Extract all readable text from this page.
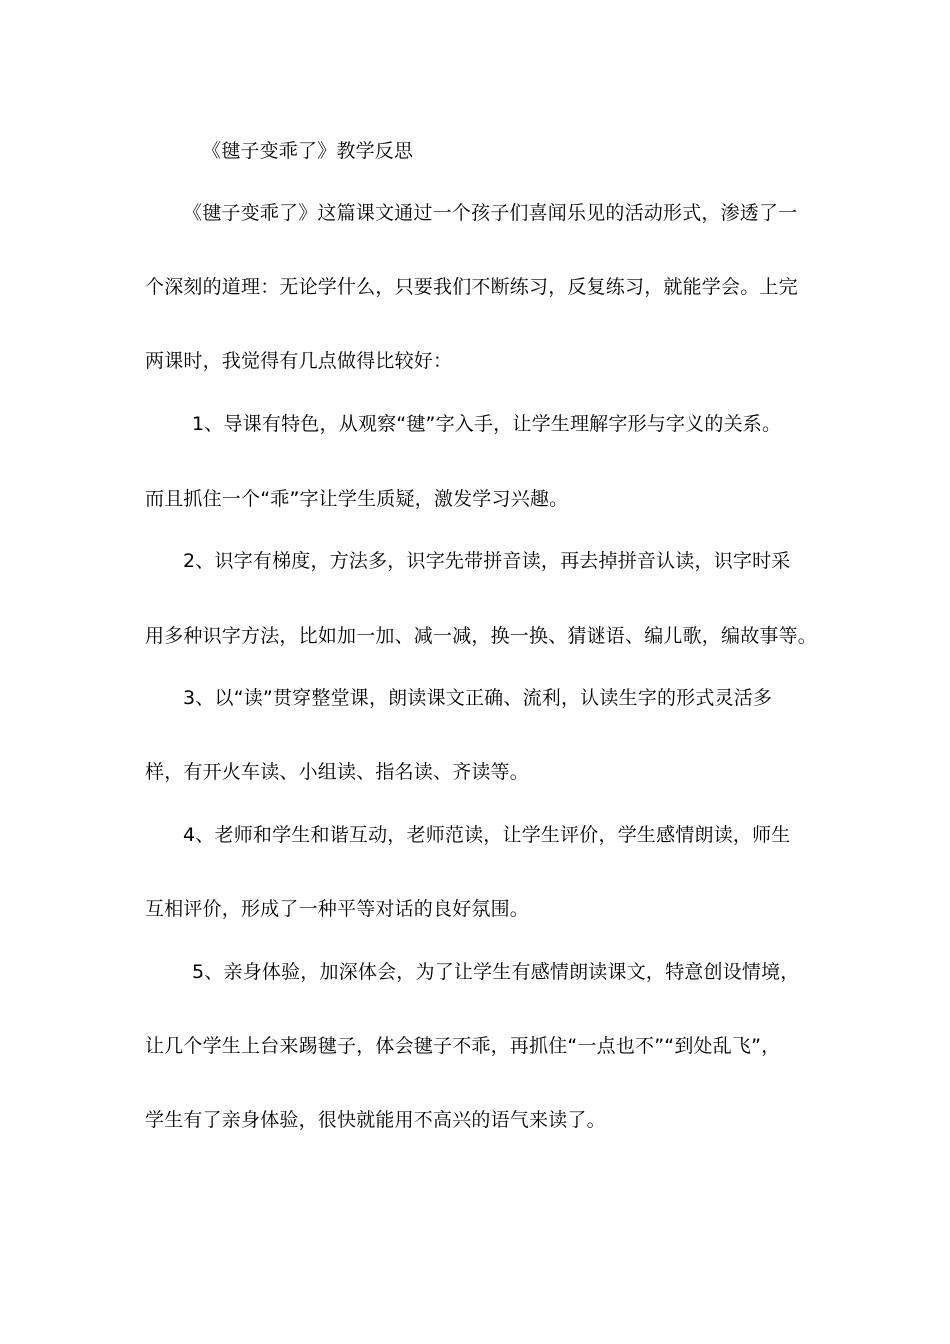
《毽子变乖了》教学反思
《毽子变乖了》这篇课文通过一个孩子们喜闻乐见的活动形式，渗透了一
个深刻的道理：无论学什么，只要我们不断练习，反复练习，就能学会。上完
两课时，我觉得有几点做得比较好：
1、导课有特色，从观察“毽”字入手，让学生理解字形与字义的关系。
而且抓住一个“乖”字让学生质疑，激发学习兴趣。
2、识字有梯度，方法多，识字先带拼音读，再去掉拼音认读，识字时采
用多种识字方法，比如加一加、减一减，换一换、猜谜语、编儿歌，编故事等。
3、以“读”贯穿整堂课，朗读课文正确、流利，认读生字的形式灵活多
样，有开火车读、小组读、指名读、齐读等。
4、老师和学生和谐互动，老师范读，让学生评价，学生感情朗读，师生
互相评价，形成了一种平等对话的良好氛围。
5、亲身体验，加深体会，为了让学生有感情朗读课文，特意创设情境，
让几个学生上台来踢毽子，体会毽子不乖，再抓住“一点也不”“到处乱飞”，
学生有了亲身体验，很快就能用不高兴的语气来读了。
